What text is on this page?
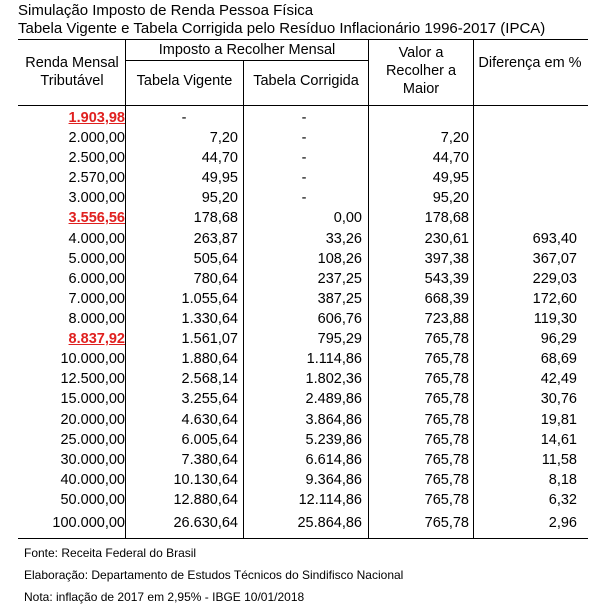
Simulação Imposto de Renda Pessoa Física
Tabela Vigente e Tabela Corrigida pelo Resíduo Inflacionário 1996-2017 (IPCA)
Renda Mensal Tributável
Imposto a Recolher Mensal
Tabela Vigente	Tabela Corrigida
Valor a Recolher a Maior
Diferença em %
1.903,98	-	-
2.000,00	7,20	-	7,20
2.500,00	44,70	-	44,70
2.570,00	49,95	-	49,95
3.000,00	95,20	-	95,20
3.556,56	178,68	0,00	178,68
4.000,00	263,87	33,26	230,61	693,40
5.000,00	505,64	108,26	397,38	367,07
6.000,00	780,64	237,25	543,39	229,03
7.000,00	1.055,64	387,25	668,39	172,60
8.000,00	1.330,64	606,76	723,88	119,30
8.837,92	1.561,07	795,29	765,78	96,29
10.000,00	1.880,64	1.114,86	765,78	68,69
12.500,00	2.568,14	1.802,36	765,78	42,49
15.000,00	3.255,64	2.489,86	765,78	30,76
20.000,00	4.630,64	3.864,86	765,78	19,81
25.000,00	6.005,64	5.239,86	765,78	14,61
30.000,00	7.380,64	6.614,86	765,78	11,58
40.000,00	10.130,64	9.364,86	765,78	8,18
50.000,00	12.880,64	12.114,86	765,78	6,32
100.000,00	26.630,64	25.864,86	765,78	2,96
Fonte: Receita Federal do Brasil
Elaboração: Departamento de Estudos Técnicos do Sindifisco Nacional
Nota: inflação de 2017 em 2,95% - IBGE 10/01/2018
